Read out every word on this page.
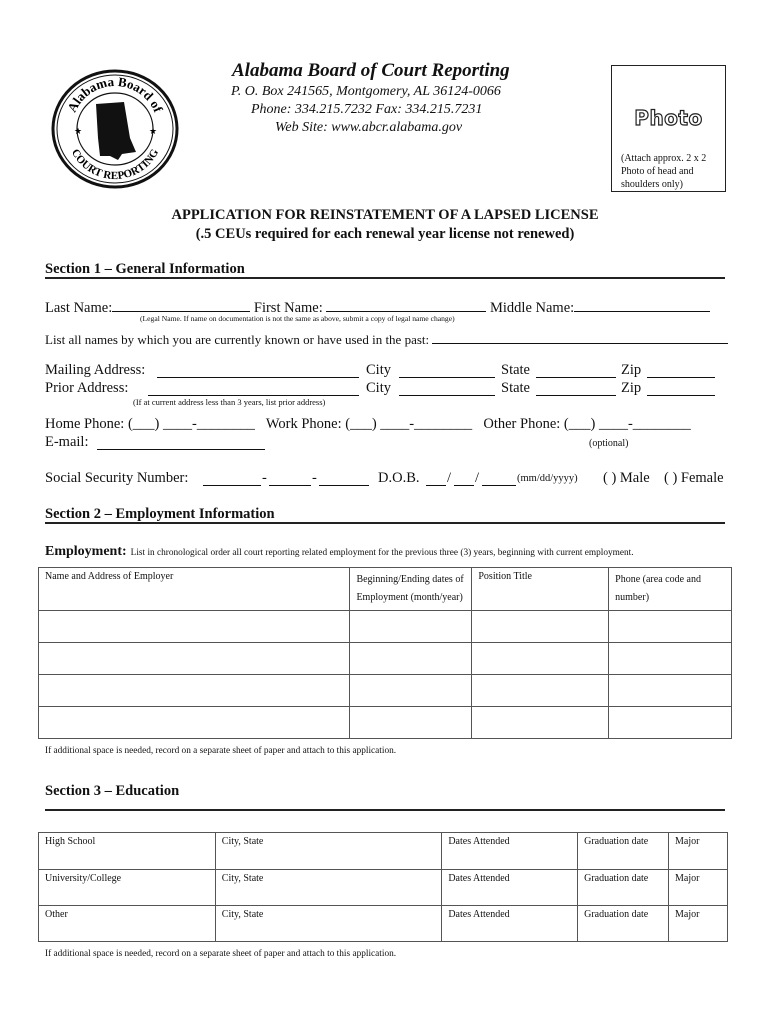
Alabama Board of
COURT REPORTING
★	★
Alabama Board of Court Reporting
P. O. Box 241565, Montgomery, AL 36124-0066
Phone: 334.215.7232 Fax: 334.215.7231
Web Site: www.abcr.alabama.gov	Photo
(Attach approx. 2 x 2 Photo of head and shoulders only)
APPLICATION FOR REINSTATEMENT OF A LAPSED LICENSE
(.5 CEUs required for each renewal year license not renewed)
Section 1 – General Information
Last Name:	First Name:	Middle Name:
(Legal Name. If name on documentation is not the same as above, submit a copy of legal name change)
List all names by which you are currently known or have used in the past:
Mailing Address:	City	State	Zip
Prior Address:	City	State	Zip
(If at current address less than 3 years, list prior address)
Home Phone: (___) ____-________ Work Phone: (___) ____-________ Other Phone: (___) ____-________
E-mail:	(optional)
Social Security Number:	-	-	D.O.B. / /	(mm/dd/yyyy) ( ) Male ( ) Female
Section 2 – Employment Information
Employment: List in chronological order all court reporting related employment for the previous three (3) years, beginning with current employment.
Name and Address of Employer	Beginning/Ending dates of Employment (month/year)	Position Title	Phone (area code and number)

If additional space is needed, record on a separate sheet of paper and attach to this application.
Section 3 – Education
High School	City, State	Dates Attended	Graduation date	Major
University/College	City, State	Dates Attended	Graduation date	Major
Other	City, State	Dates Attended	Graduation date	Major
If additional space is needed, record on a separate sheet of paper and attach to this application.
